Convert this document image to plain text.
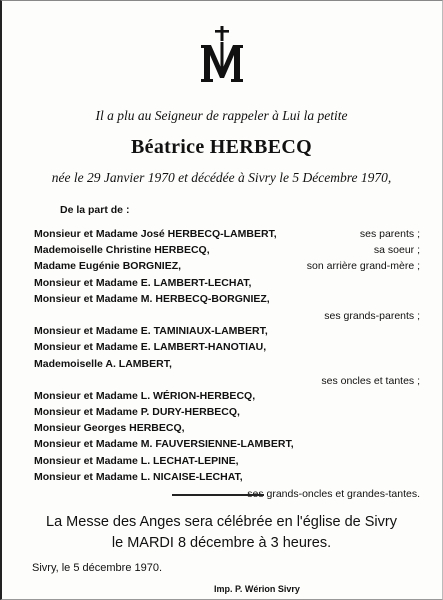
Il a plu au Seigneur de rappeler à Lui la petite
Béatrice HERBECQ
née le 29 Janvier 1970 et décédée à Sivry le 5 Décembre 1970,
De la part de :
Monsieur et Madame José HERBECQ-LAMBERT,	ses parents ;
Mademoiselle Christine HERBECQ,	sa soeur ;
Madame Eugénie BORGNIEZ,	son arrière grand-mère ;
Monsieur et Madame E. LAMBERT-LECHAT,
Monsieur et Madame M. HERBECQ-BORGNIEZ,
ses grands-parents ;
Monsieur et Madame E. TAMINIAUX-LAMBERT,
Monsieur et Madame E. LAMBERT-HANOTIAU,
Mademoiselle A. LAMBERT,
ses oncles et tantes ;
Monsieur et Madame L. WÉRION-HERBECQ,
Monsieur et Madame P. DURY-HERBECQ,
Monsieur Georges HERBECQ,
Monsieur et Madame M. FAUVERSIENNE-LAMBERT,
Monsieur et Madame L. LECHAT-LEPINE,
Monsieur et Madame L. NICAISE-LECHAT,
ses grands-oncles et grandes-tantes.
La Messe des Anges sera célébrée en l'église de Sivry
le MARDI 8 décembre à 3 heures.
Sivry, le 5 décembre 1970.
Imp. P. Wérion Sivry
